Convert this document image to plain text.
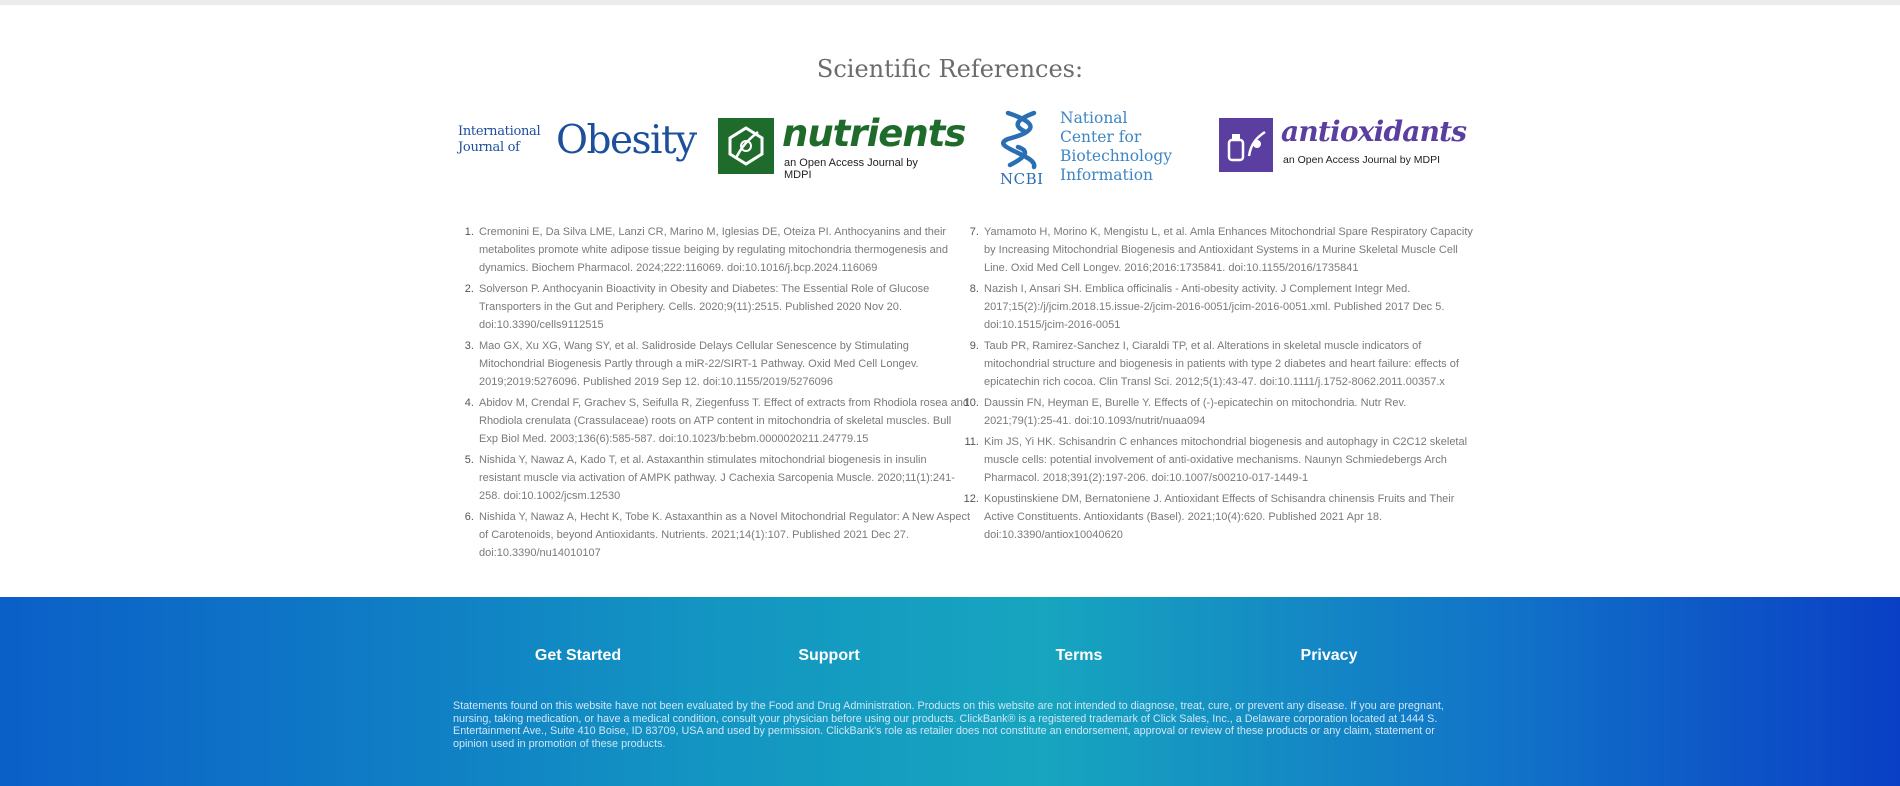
Scientific References:
International
Journal of Obesity nutrients
an Open Access Journal by MDPI	NCBI
National
Center for
Biotechnology
Information
antioxidants
an Open Access Journal by MDPI
1. Cremonini E, Da Silva LME, Lanzi CR, Marino M, Iglesias DE, Oteiza PI. Anthocyanins and their metabolites promote white adipose tissue beiging by regulating mitochondria thermogenesis and dynamics. Biochem Pharmacol. 2024;222:116069. doi:10.1016/j.bcp.2024.116069
2. Solverson P. Anthocyanin Bioactivity in Obesity and Diabetes: The Essential Role of Glucose Transporters in the Gut and Periphery. Cells. 2020;9(11):2515. Published 2020 Nov 20. doi:10.3390/cells9112515
3. Mao GX, Xu XG, Wang SY, et al. Salidroside Delays Cellular Senescence by Stimulating Mitochondrial Biogenesis Partly through a miR-22/SIRT-1 Pathway. Oxid Med Cell Longev. 2019;2019:5276096. Published 2019 Sep 12. doi:10.1155/2019/5276096
4. Abidov M, Crendal F, Grachev S, Seifulla R, Ziegenfuss T. Effect of extracts from Rhodiola rosea and Rhodiola crenulata (Crassulaceae) roots on ATP content in mitochondria of skeletal muscles. Bull Exp Biol Med. 2003;136(6):585-587. doi:10.1023/b:bebm.0000020211.24779.15
5. Nishida Y, Nawaz A, Kado T, et al. Astaxanthin stimulates mitochondrial biogenesis in insulin resistant muscle via activation of AMPK pathway. J Cachexia Sarcopenia Muscle. 2020;11(1):241-258. doi:10.1002/jcsm.12530
6. Nishida Y, Nawaz A, Hecht K, Tobe K. Astaxanthin as a Novel Mitochondrial Regulator: A New Aspect of Carotenoids, beyond Antioxidants. Nutrients. 2021;14(1):107. Published 2021 Dec 27. doi:10.3390/nu14010107
7. Yamamoto H, Morino K, Mengistu L, et al. Amla Enhances Mitochondrial Spare Respiratory Capacity by Increasing Mitochondrial Biogenesis and Antioxidant Systems in a Murine Skeletal Muscle Cell Line. Oxid Med Cell Longev. 2016;2016:1735841. doi:10.1155/2016/1735841
8. Nazish I, Ansari SH. Emblica officinalis - Anti-obesity activity. J Complement Integr Med. 2017;15(2):/j/jcim.2018.15.issue-2/jcim-2016-0051/jcim-2016-0051.xml. Published 2017 Dec 5. doi:10.1515/jcim-2016-0051
9. Taub PR, Ramirez-Sanchez I, Ciaraldi TP, et al. Alterations in skeletal muscle indicators of mitochondrial structure and biogenesis in patients with type 2 diabetes and heart failure: effects of epicatechin rich cocoa. Clin Transl Sci. 2012;5(1):43-47. doi:10.1111/j.1752-8062.2011.00357.x
10. Daussin FN, Heyman E, Burelle Y. Effects of (-)-epicatechin on mitochondria. Nutr Rev. 2021;79(1):25-41. doi:10.1093/nutrit/nuaa094
11. Kim JS, Yi HK. Schisandrin C enhances mitochondrial biogenesis and autophagy in C2C12 skeletal muscle cells: potential involvement of anti-oxidative mechanisms. Naunyn Schmiedebergs Arch Pharmacol. 2018;391(2):197-206. doi:10.1007/s00210-017-1449-1
12. Kopustinskiene DM, Bernatoniene J. Antioxidant Effects of Schisandra chinensis Fruits and Their Active Constituents. Antioxidants (Basel). 2021;10(4):620. Published 2021 Apr 18. doi:10.3390/antiox10040620
Get Started	Support	Terms	Privacy

Statements found on this website have not been evaluated by the Food and Drug Administration. Products on this website are not intended to diagnose, treat, cure, or prevent any disease. If you are pregnant, nursing, taking medication, or have a medical condition, consult your physician before using our products. ClickBank® is a registered trademark of Click Sales, Inc., a Delaware corporation located at 1444 S. Entertainment Ave., Suite 410 Boise, ID 83709, USA and used by permission. ClickBank's role as retailer does not constitute an endorsement, approval or review of these products or any claim, statement or opinion used in promotion of these products.
